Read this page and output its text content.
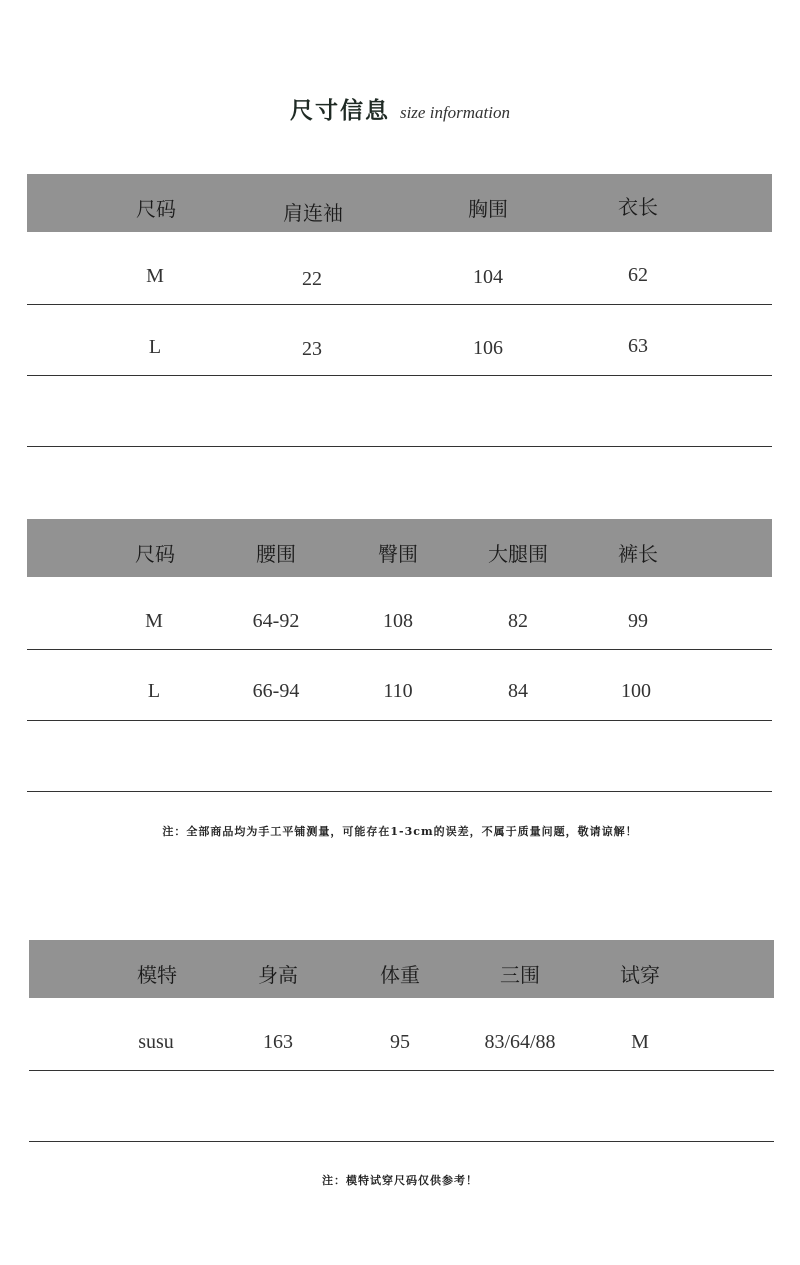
尺寸信息 size information
尺码	肩连袖	胸围	衣长
M	22	104	62
L	23	106	63
尺码	腰围	臀围	大腿围	裤长
M	64-92	108	82	99
L	66-94	110	84	100
注：全部商品均为手工平铺测量，可能存在1-3cm的误差，不属于质量问题，敬请谅解！
模特	身高	体重	三围	试穿
susu	163	95	83/64/88	M
注：模特试穿尺码仅供参考！
